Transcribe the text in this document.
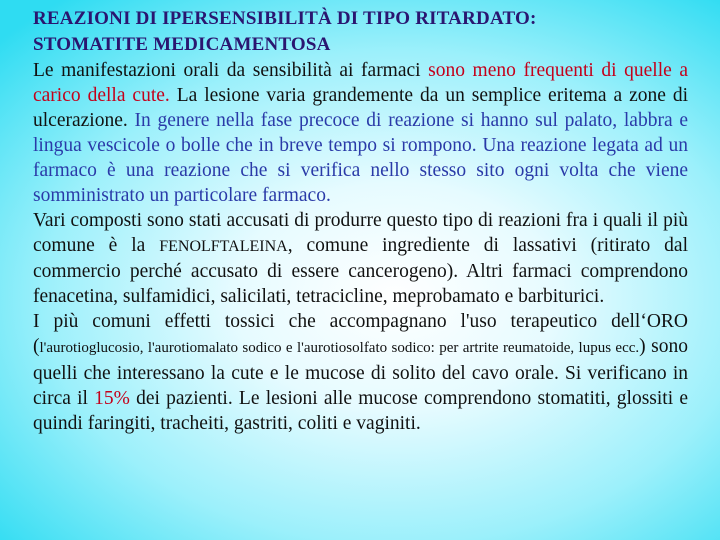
REAZIONI DI IPERSENSIBILITÀ DI TIPO RITARDATO:
STOMATITE MEDICAMENTOSA

Le manifestazioni orali da sensibilità ai farmaci sono meno frequenti di quelle a carico della cute. La lesione varia grandemente da un semplice eritema a zone di ulcerazione. In genere nella fase precoce di reazione si hanno sul palato, labbra e lingua vescicole o bolle che in breve tempo si rompono. Una reazione legata ad un farmaco è una reazione che si verifica nello stesso sito ogni volta che viene somministrato un particolare farmaco.

Vari composti sono stati accusati di produrre questo tipo di reazioni fra i quali il più comune è la FENOLFTALEINA, comune ingrediente di lassativi (ritirato dal commercio perché accusato di essere cancerogeno). Altri farmaci comprendono fenacetina, sulfamidici, salicilati, tetracicline, meprobamato e barbiturici.

I più comuni effetti tossici che accompagnano l'uso terapeutico dell‘ORO (l'aurotioglucosio, l'aurotiomalato sodico e l'aurotiosolfato sodico: per artrite reumatoide, lupus ecc.) sono quelli che interessano la cute e le mucose di solito del cavo orale. Si verificano in circa il 15% dei pazienti. Le lesioni alle mucose comprendono stomatiti, glossiti e quindi faringiti, tracheiti, gastriti, coliti e vaginiti.
